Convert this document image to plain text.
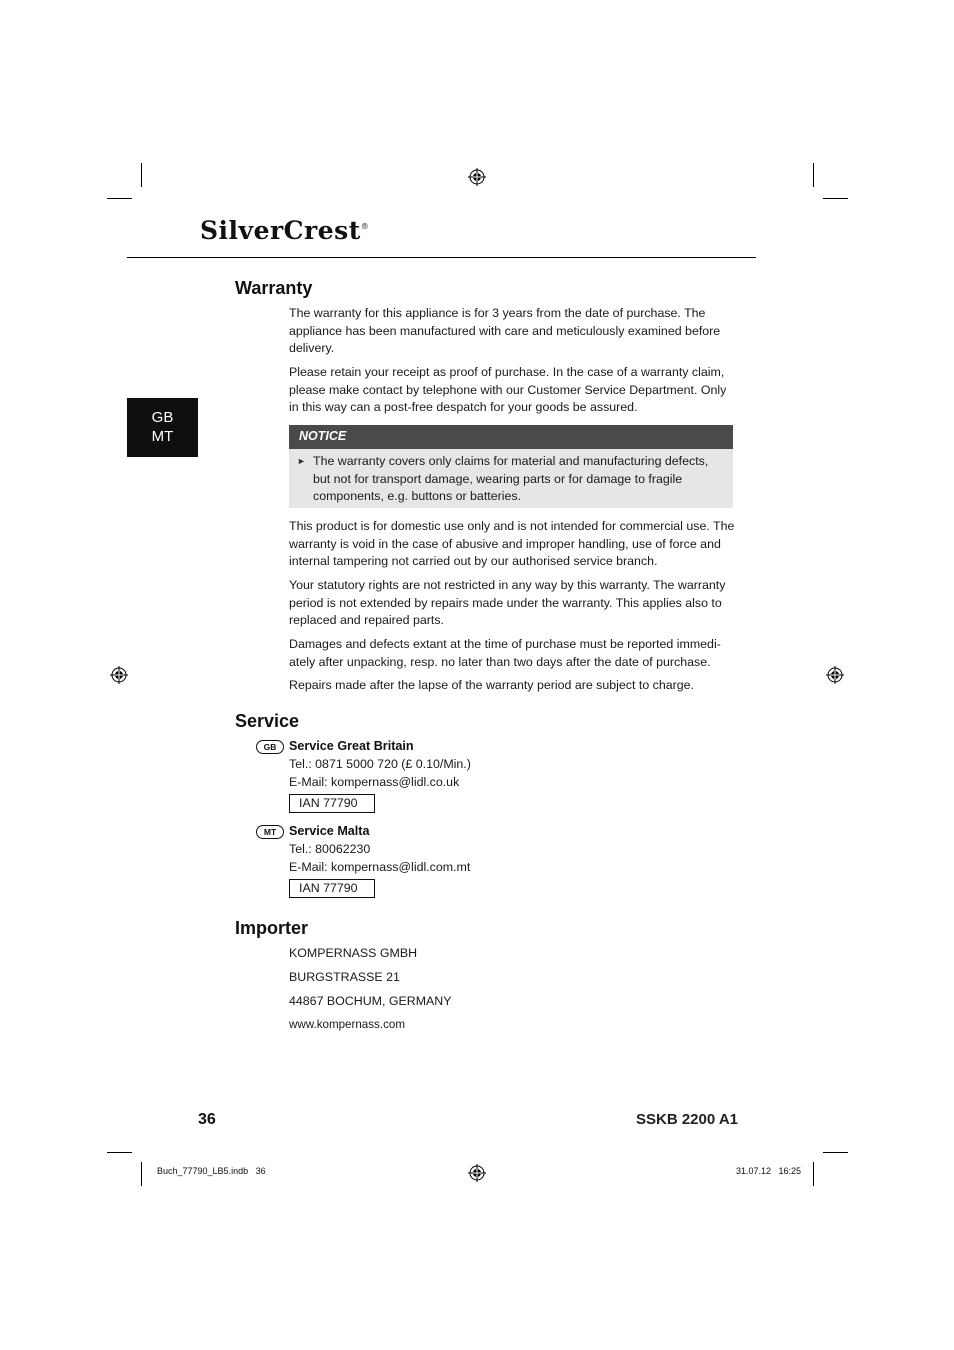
SilverCrest®
GB
MT
Warranty

The warranty for this appliance is for 3 years from the date of purchase. The appliance has been manufactured with care and meticulously examined before delivery.

Please retain your receipt as proof of purchase. In the case of a warranty claim, please make contact by telephone with our Customer Service Department. Only in this way can a post-free despatch for your goods be assured.

NOTICE
► The warranty covers only claims for material and manufacturing defects, but not for transport damage, wearing parts or for damage to fragile components, e.g. buttons or batteries.

This product is for domestic use only and is not intended for commercial use. The warranty is void in the case of abusive and improper handling, use of force and internal tampering not carried out by our authorised service branch.

Your statutory rights are not restricted in any way by this warranty. The warranty period is not extended by repairs made under the warranty. This applies also to replaced and repaired parts.

Damages and defects extant at the time of purchase must be reported immedi- ately after unpacking, resp. no later than two days after the date of purchase.

Repairs made after the lapse of the warranty period are subject to charge.

Service
GB	Service Great Britain
Tel.: 0871 5000 720 (£ 0.10/Min.)
E-Mail: kompernass@lidl.co.uk
IAN 77790
MT	Service Malta
Tel.: 80062230
E-Mail: kompernass@lidl.com.mt
IAN 77790
Importer
KOMPERNASS GMBH
BURGSTRASSE 21
44867 BOCHUM, GERMANY
www.kompernass.com
36	SSKB 2200 A1
Buch_77790_LB5.indb   36	31.07.12   16:25
